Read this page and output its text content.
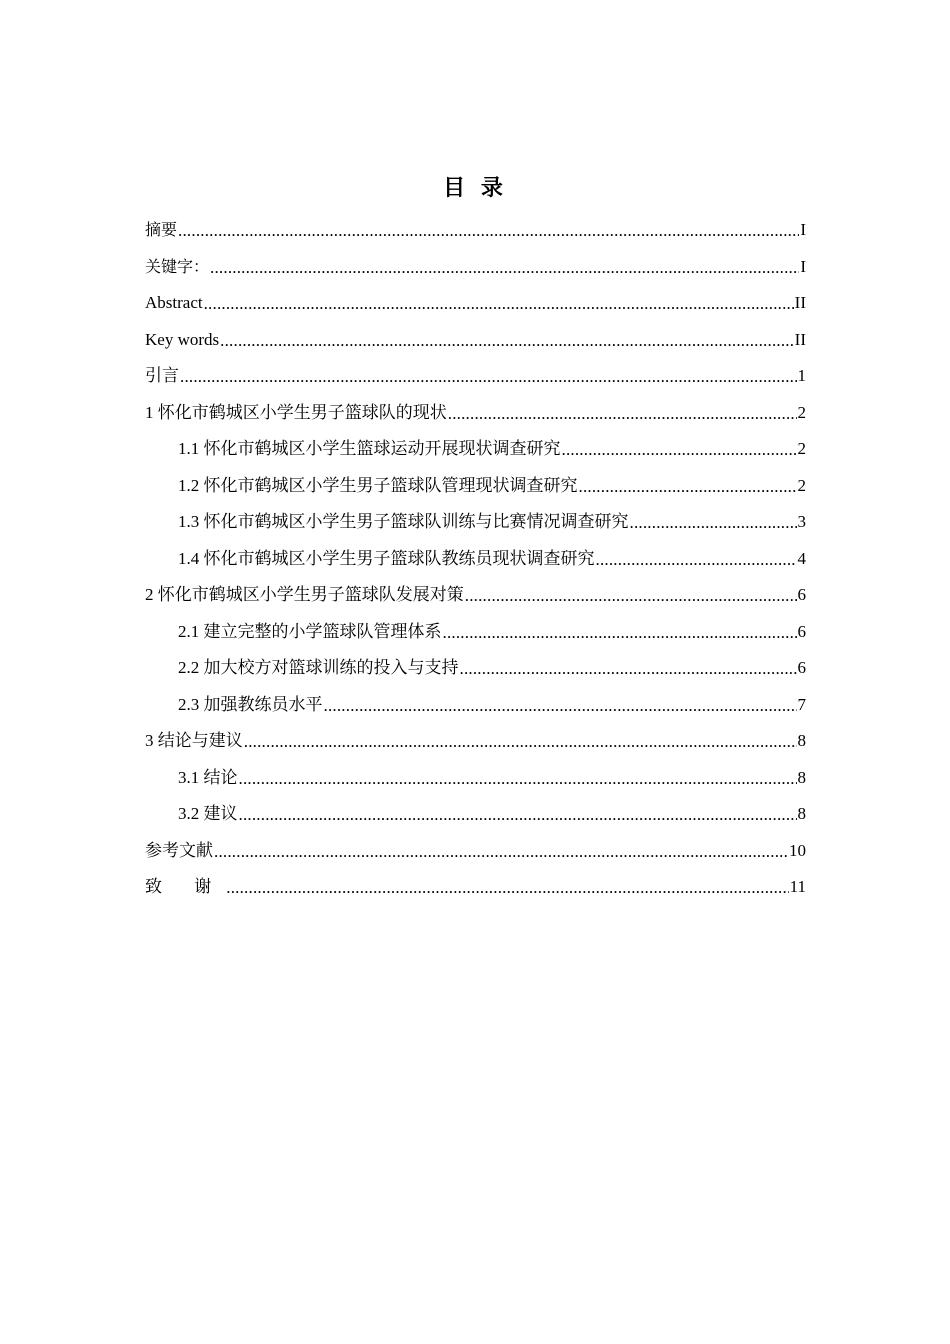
目 录
摘要 .....	I
关键字： .....	I
Abstract .....	II
Key words .....	II
引言 .....	1
1 怀化市鹤城区小学生男子篮球队的现状 .....	2
1.1 怀化市鹤城区小学生篮球运动开展现状调查研究 .....	2
1.2 怀化市鹤城区小学生男子篮球队管理现状调查研究 .....	2
1.3 怀化市鹤城区小学生男子篮球队训练与比赛情况调查研究 .....	3
1.4 怀化市鹤城区小学生男子篮球队教练员现状调查研究 .....	4
2 怀化市鹤城区小学生男子篮球队发展对策 .....	6
2.1 建立完整的小学篮球队管理体系 .....	6
2.2 加大校方对篮球训练的投入与支持 .....	6
2.3 加强教练员水平 .....	7
3 结论与建议 .....	8
3.1 结论 .....	8
3.2 建议 .....	8
参考文献 .....	10
致 谢 .....	11
